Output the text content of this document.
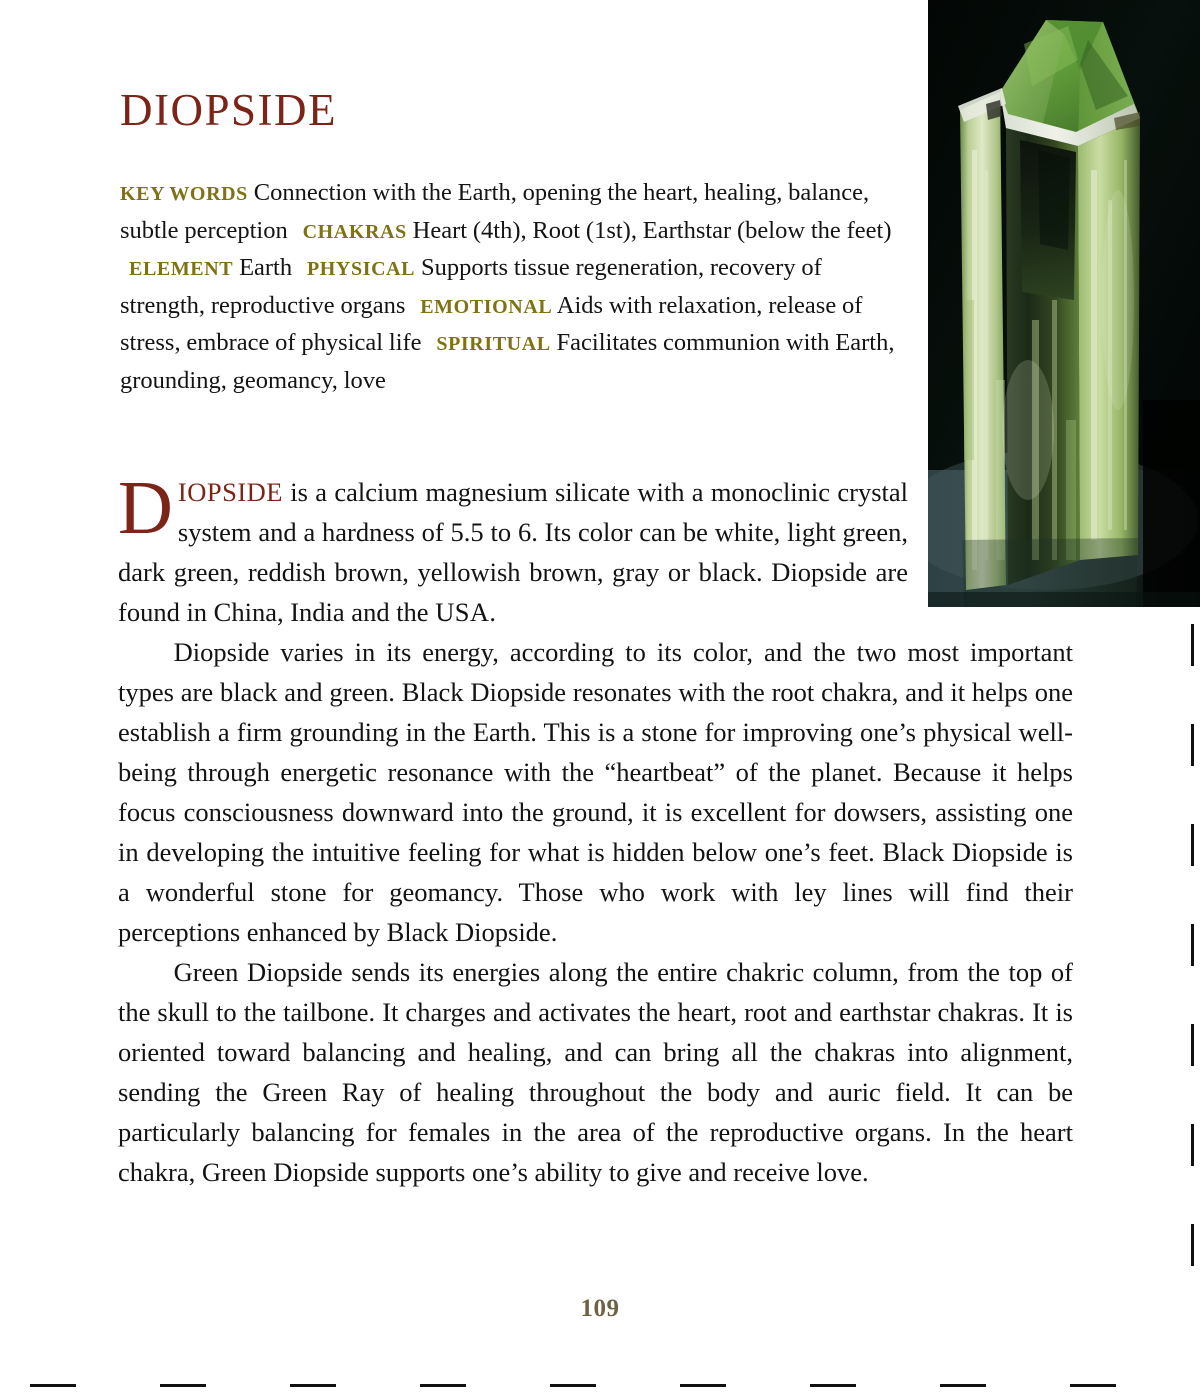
DIOPSIDE
KEY WORDS Connection with the Earth, opening the heart, healing, balance, subtle perception CHAKRAS Heart (4th), Root (1st), Earthstar (below the feet) ELEMENT Earth PHYSICAL Supports tissue regeneration, recovery of strength, reproductive organs EMOTIONAL Aids with relaxation, release of stress, embrace of physical life SPIRITUAL Facilitates communion with Earth, grounding, geomancy, love

DIOPSIDE is a calcium magnesium silicate with a monoclinic crystal system and a hardness of 5.5 to 6. Its color can be white, light green, dark green, reddish brown, yellowish brown, gray or black. Diopside are found in China, India and the USA.

Diopside varies in its energy, according to its color, and the two most important types are black and green. Black Diopside resonates with the root chakra, and it helps one establish a firm grounding in the Earth. This is a stone for improving one’s physical well-being through energetic resonance with the “heartbeat” of the planet. Because it helps focus consciousness downward into the ground, it is excellent for dowsers, assisting one in developing the intuitive feeling for what is hidden below one’s feet. Black Diopside is a wonderful stone for geomancy. Those who work with ley lines will find their perceptions enhanced by Black Diopside.

Green Diopside sends its energies along the entire chakric column, from the top of the skull to the tailbone. It charges and activates the heart, root and earthstar chakras. It is oriented toward balancing and healing, and can bring all the chakras into alignment, sending the Green Ray of healing throughout the body and auric field. It can be particularly balancing for females in the area of the reproductive organs. In the heart chakra, Green Diopside supports one’s ability to give and receive love.

109
